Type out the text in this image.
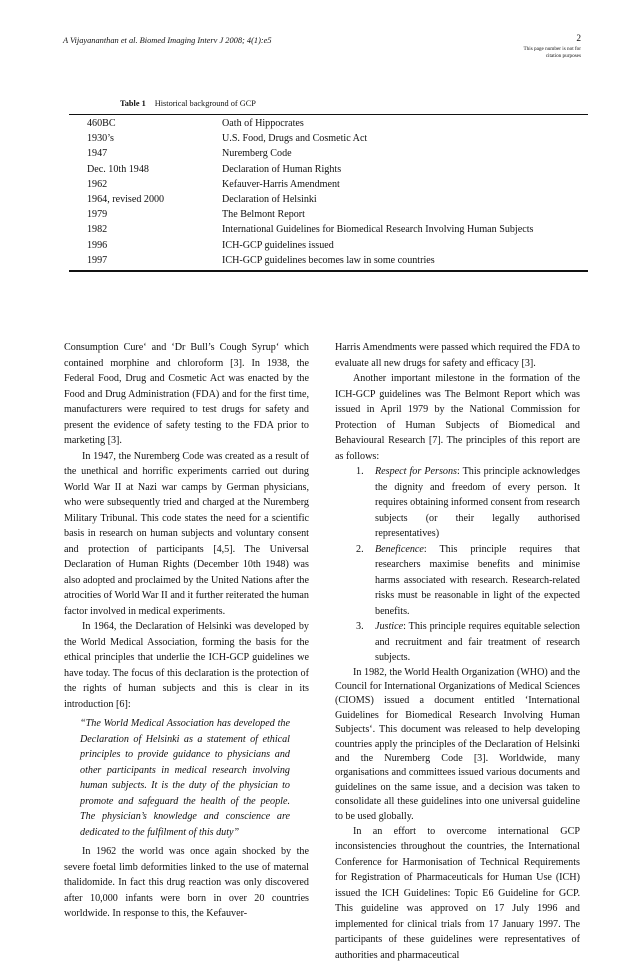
A Vijayananthan et al. Biomed Imaging Interv J 2008; 4(1):e5	2
This page number is not for citation purposes
Table 1 Historical background of GCP
460BC	Oath of Hippocrates
1930’s	U.S. Food, Drugs and Cosmetic Act
1947	Nuremberg Code
Dec. 10th 1948	Declaration of Human Rights
1962	Kefauver-Harris Amendment
1964, revised 2000	Declaration of Helsinki
1979	The Belmont Report
1982	International Guidelines for Biomedical Research Involving Human Subjects
1996	ICH-GCP guidelines issued
1997	ICH-GCP guidelines becomes law in some countries

Consumption Cure‘ and ‘Dr Bull’s Cough Syrup‘ which contained morphine and chloroform [3]. In 1938, the Federal Food, Drug and Cosmetic Act was enacted by the Food and Drug Administration (FDA) and for the first time, manufacturers were required to test drugs for safety and present the evidence of safety testing to the FDA prior to marketing [3].

In 1947, the Nuremberg Code was created as a result of the unethical and horrific experiments carried out during World War II at Nazi war camps by German physicians, who were subsequently tried and charged at the Nuremberg Military Tribunal. This code states the need for a scientific basis in research on human subjects and voluntary consent and protection of participants [4,5]. The Universal Declaration of Human Rights (December 10th 1948) was also adopted and proclaimed by the United Nations after the atrocities of World War II and it further reiterated the human factor involved in medical experiments.

In 1964, the Declaration of Helsinki was developed by the World Medical Association, forming the basis for the ethical principles that underlie the ICH-GCP guidelines we have today. The focus of this declaration is the protection of the rights of human subjects and this is clear in its introduction [6]:

“The World Medical Association has developed the Declaration of Helsinki as a statement of ethical principles to provide guidance to physicians and other participants in medical research involving human subjects. It is the duty of the physician to promote and safeguard the health of the people. The physician’s knowledge and conscience are dedicated to the fulfilment of this duty”

In 1962 the world was once again shocked by the severe foetal limb deformities linked to the use of maternal thalidomide. In fact this drug reaction was only discovered after 10,000 infants were born in over 20 countries worldwide. In response to this, the Kefauver-

Harris Amendments were passed which required the FDA to evaluate all new drugs for safety and efficacy [3].

Another important milestone in the formation of the ICH-GCP guidelines was The Belmont Report which was issued in April 1979 by the National Commission for Protection of Human Subjects of Biomedical and Behavioural Research [7]. The principles of this report are as follows:

1. Respect for Persons: This principle acknowledges the dignity and freedom of every person. It requires obtaining informed consent from research subjects (or their legally authorised representatives)
2. Beneficence: This principle requires that researchers maximise benefits and minimise harms associated with research. Research-related risks must be reasonable in light of the expected benefits.
3. Justice: This principle requires equitable selection and recruitment and fair treatment of research subjects.

In 1982, the World Health Organization (WHO) and the Council for International Organizations of Medical Sciences (CIOMS) issued a document entitled ‘International Guidelines for Biomedical Research Involving Human Subjects‘. This document was released to help developing countries apply the principles of the Declaration of Helsinki and the Nuremberg Code [3]. Worldwide, many organisations and committees issued various documents and guidelines on the same issue, and a decision was taken to consolidate all these guidelines into one universal guideline to be used globally.

In an effort to overcome international GCP inconsistencies throughout the countries, the International Conference for Harmonisation of Technical Requirements for Registration of Pharmaceuticals for Human Use (ICH) issued the ICH Guidelines: Topic E6 Guideline for GCP. This guideline was approved on 17 July 1996 and implemented for clinical trials from 17 January 1997. The participants of these guidelines were representatives of authorities and pharmaceutical
